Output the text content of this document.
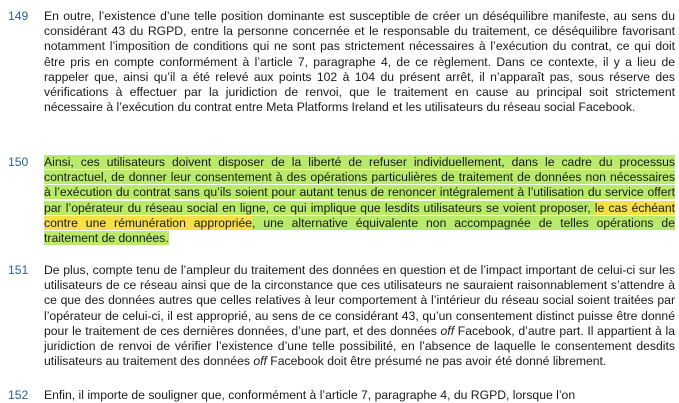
149 En outre, l’existence d’une telle position dominante est susceptible de créer un déséquilibre manifeste, au sens du considérant 43 du RGPD, entre la personne concernée et le responsable du traitement, ce déséquilibre favorisant notamment l’imposition de conditions qui ne sont pas strictement nécessaires à l’exécution du contrat, ce qui doit être pris en compte conformément à l’article 7, paragraphe 4, de ce règlement. Dans ce contexte, il y a lieu de rappeler que, ainsi qu’il a été relevé aux points 102 à 104 du présent arrêt, il n’apparaît pas, sous réserve des vérifications à effectuer par la juridiction de renvoi, que le traitement en cause au principal soit strictement nécessaire à l’exécution du contrat entre Meta Platforms Ireland et les utilisateurs du réseau social Facebook.
150 Ainsi, ces utilisateurs doivent disposer de la liberté de refuser individuellement, dans le cadre du processus contractuel, de donner leur consentement à des opérations particulières de traitement de données non nécessaires à l’exécution du contrat sans qu’ils soient pour autant tenus de renoncer intégralement à l’utilisation du service offert par l’opérateur du réseau social en ligne, ce qui implique que lesdits utilisateurs se voient proposer, le cas échéant contre une rémunération appropriée, une alternative équivalente non accompagnée de telles opérations de traitement de données.
151 De plus, compte tenu de l’ampleur du traitement des données en question et de l’impact important de celui-ci sur les utilisateurs de ce réseau ainsi que de la circonstance que ces utilisateurs ne sauraient raisonnablement s’attendre à ce que des données autres que celles relatives à leur comportement à l’intérieur du réseau social soient traitées par l’opérateur de celui-ci, il est approprié, au sens de ce considérant 43, qu’un consentement distinct puisse être donné pour le traitement de ces dernières données, d’une part, et des données off Facebook, d’autre part. Il appartient à la juridiction de renvoi de vérifier l’existence d’une telle possibilité, en l’absence de laquelle le consentement desdits utilisateurs au traitement des données off Facebook doit être présumé ne pas avoir été donné librement.
152 Enfin, il importe de souligner que, conformément à l’article 7, paragraphe 4, du RGPD, lorsque l’on
